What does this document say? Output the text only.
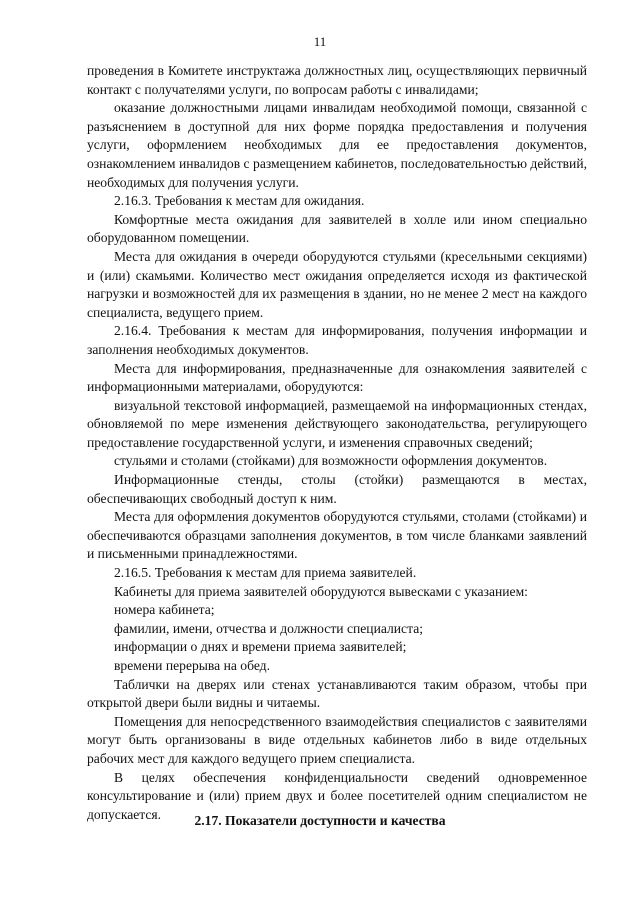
11

проведения в Комитете инструктажа должностных лиц, осуществляющих первичный контакт с получателями услуги, по вопросам работы с инвалидами;

оказание должностными лицами инвалидам необходимой помощи, связанной с разъяснением в доступной для них форме порядка предоставления и получения услуги, оформлением необходимых для ее предоставления документов, ознакомлением инвалидов с размещением кабинетов, последовательностью действий, необходимых для получения услуги.

2.16.3. Требования к местам для ожидания.

Комфортные места ожидания для заявителей в холле или ином специально оборудованном помещении.

Места для ожидания в очереди оборудуются стульями (кресельными секциями) и (или) скамьями. Количество мест ожидания определяется исходя из фактической нагрузки и возможностей для их размещения в здании, но не менее 2 мест на каждого специалиста, ведущего прием.

2.16.4. Требования к местам для информирования, получения информации и заполнения необходимых документов.

Места для информирования, предназначенные для ознакомления заявителей с информационными материалами, оборудуются:

визуальной текстовой информацией, размещаемой на информационных стендах, обновляемой по мере изменения действующего законодательства, регулирующего предоставление государственной услуги, и изменения справочных сведений;

стульями и столами (стойками) для возможности оформления документов.

Информационные стенды, столы (стойки) размещаются в местах, обеспечивающих свободный доступ к ним.

Места для оформления документов оборудуются стульями, столами (стойками) и обеспечиваются образцами заполнения документов, в том числе бланками заявлений и письменными принадлежностями.

2.16.5. Требования к местам для приема заявителей.

Кабинеты для приема заявителей оборудуются вывесками с указанием:

номера кабинета;

фамилии, имени, отчества и должности специалиста;

информации о днях и времени приема заявителей;

времени перерыва на обед.

Таблички на дверях или стенах устанавливаются таким образом, чтобы при открытой двери были видны и читаемы.

Помещения для непосредственного взаимодействия специалистов с заявителями могут быть организованы в виде отдельных кабинетов либо в виде отдельных рабочих мест для каждого ведущего прием специалиста.

В целях обеспечения конфиденциальности сведений одновременное консультирование и (или) прием двух и более посетителей одним специалистом не допускается.	2.17. Показатели доступности и качества
